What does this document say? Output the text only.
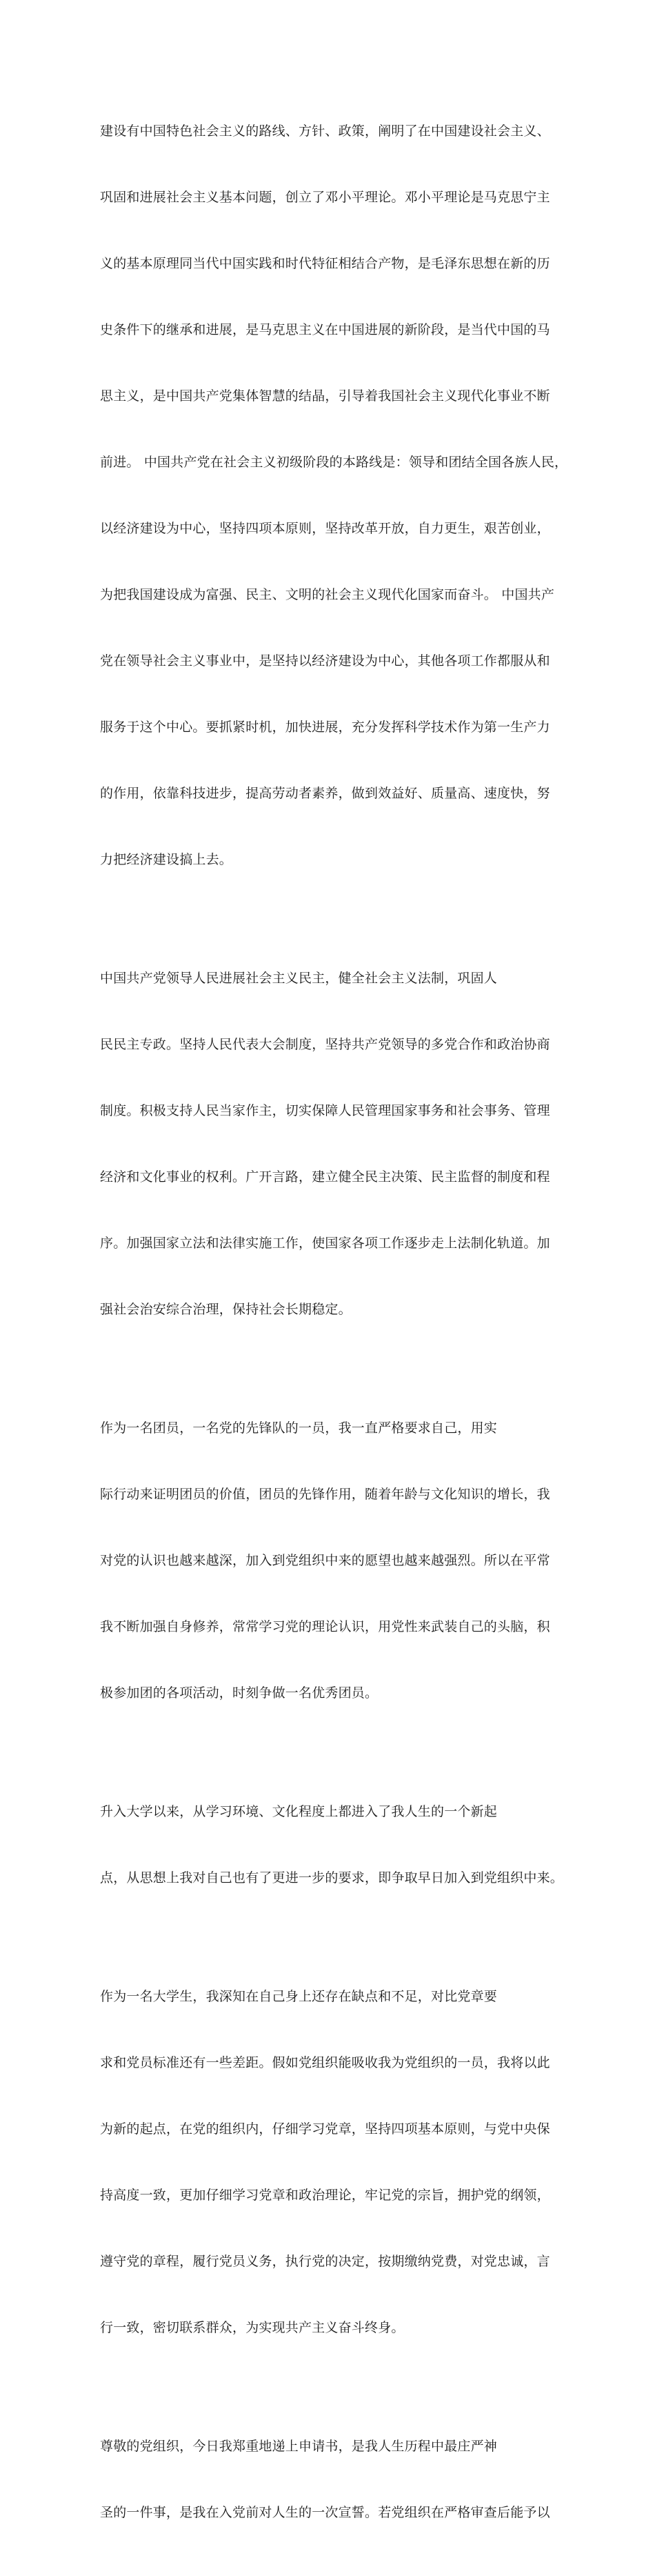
建设有中国特色社会主义的路线、方针、政策，阐明了在中国建设社会主义、

巩固和进展社会主义基本问题，创立了邓小平理论。邓小平理论是马克思宁主

义的基本原理同当代中国实践和时代特征相结合产物，是毛泽东思想在新的历

史条件下的继承和进展，是马克思主义在中国进展的新阶段，是当代中国的马

思主义，是中国共产党集体智慧的结晶，引导着我国社会主义现代化事业不断

前进。 中国共产党在社会主义初级阶段的本路线是：领导和团结全国各族人民，

以经济建设为中心，坚持四项本原则，坚持改革开放，自力更生，艰苦创业，

为把我国建设成为富强、民主、文明的社会主义现代化国家而奋斗。 中国共产

党在领导社会主义事业中，是坚持以经济建设为中心，其他各项工作都服从和

服务于这个中心。要抓紧时机，加快进展，充分发挥科学技术作为第一生产力

的作用，依靠科技进步，提高劳动者素养，做到效益好、质量高、速度快，努

力把经济建设搞上去。

中国共产党领导人民进展社会主义民主，健全社会主义法制，巩固人

民民主专政。坚持人民代表大会制度，坚持共产党领导的多党合作和政治协商

制度。积极支持人民当家作主，切实保障人民管理国家事务和社会事务、管理

经济和文化事业的权利。广开言路，建立健全民主决策、民主监督的制度和程

序。加强国家立法和法律实施工作，使国家各项工作逐步走上法制化轨道。加

强社会治安综合治理，保持社会长期稳定。

作为一名团员，一名党的先锋队的一员，我一直严格要求自己，用实

际行动来证明团员的价值，团员的先锋作用，随着年龄与文化知识的增长，我

对党的认识也越来越深，加入到党组织中来的愿望也越来越强烈。所以在平常

我不断加强自身修养，常常学习党的理论认识，用党性来武装自己的头脑，积

极参加团的各项活动，时刻争做一名优秀团员。

升入大学以来，从学习环境、文化程度上都进入了我人生的一个新起

点，从思想上我对自己也有了更进一步的要求，即争取早日加入到党组织中来。

作为一名大学生，我深知在自己身上还存在缺点和不足，对比党章要

求和党员标准还有一些差距。假如党组织能吸收我为党组织的一员，我将以此

为新的起点，在党的组织内，仔细学习党章，坚持四项基本原则，与党中央保

持高度一致，更加仔细学习党章和政治理论，牢记党的宗旨，拥护党的纲领，

遵守党的章程，履行党员义务，执行党的决定，按期缴纳党费，对党忠诚，言

行一致，密切联系群众，为实现共产主义奋斗终身。

尊敬的党组织，今日我郑重地递上申请书，是我人生历程中最庄严神

圣的一件事，是我在入党前对人生的一次宣誓。若党组织在严格审查后能予以
